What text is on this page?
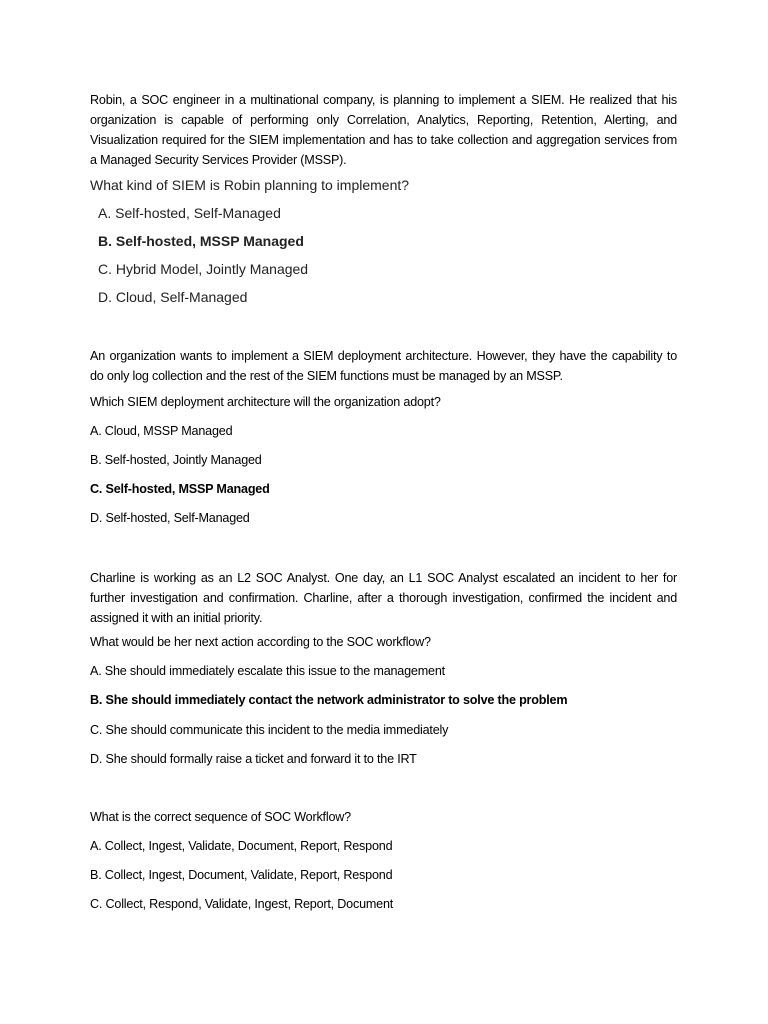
Robin, a SOC engineer in a multinational company, is planning to implement a SIEM. He realized that his organization is capable of performing only Correlation, Analytics, Reporting, Retention, Alerting, and Visualization required for the SIEM implementation and has to take collection and aggregation services from a Managed Security Services Provider (MSSP).

What kind of SIEM is Robin planning to implement?

A. Self-hosted, Self-Managed

B. Self-hosted, MSSP Managed

C. Hybrid Model, Jointly Managed

D. Cloud, Self-Managed

An organization wants to implement a SIEM deployment architecture. However, they have the capability to do only log collection and the rest of the SIEM functions must be managed by an MSSP.

Which SIEM deployment architecture will the organization adopt?

A. Cloud, MSSP Managed

B. Self-hosted, Jointly Managed

C. Self-hosted, MSSP Managed

D. Self-hosted, Self-Managed

Charline is working as an L2 SOC Analyst. One day, an L1 SOC Analyst escalated an incident to her for further investigation and confirmation. Charline, after a thorough investigation, confirmed the incident and assigned it with an initial priority.

What would be her next action according to the SOC workflow?

A. She should immediately escalate this issue to the management

B. She should immediately contact the network administrator to solve the problem

C. She should communicate this incident to the media immediately

D. She should formally raise a ticket and forward it to the IRT

What is the correct sequence of SOC Workflow?

A. Collect, Ingest, Validate, Document, Report, Respond

B. Collect, Ingest, Document, Validate, Report, Respond

C. Collect, Respond, Validate, Ingest, Report, Document
